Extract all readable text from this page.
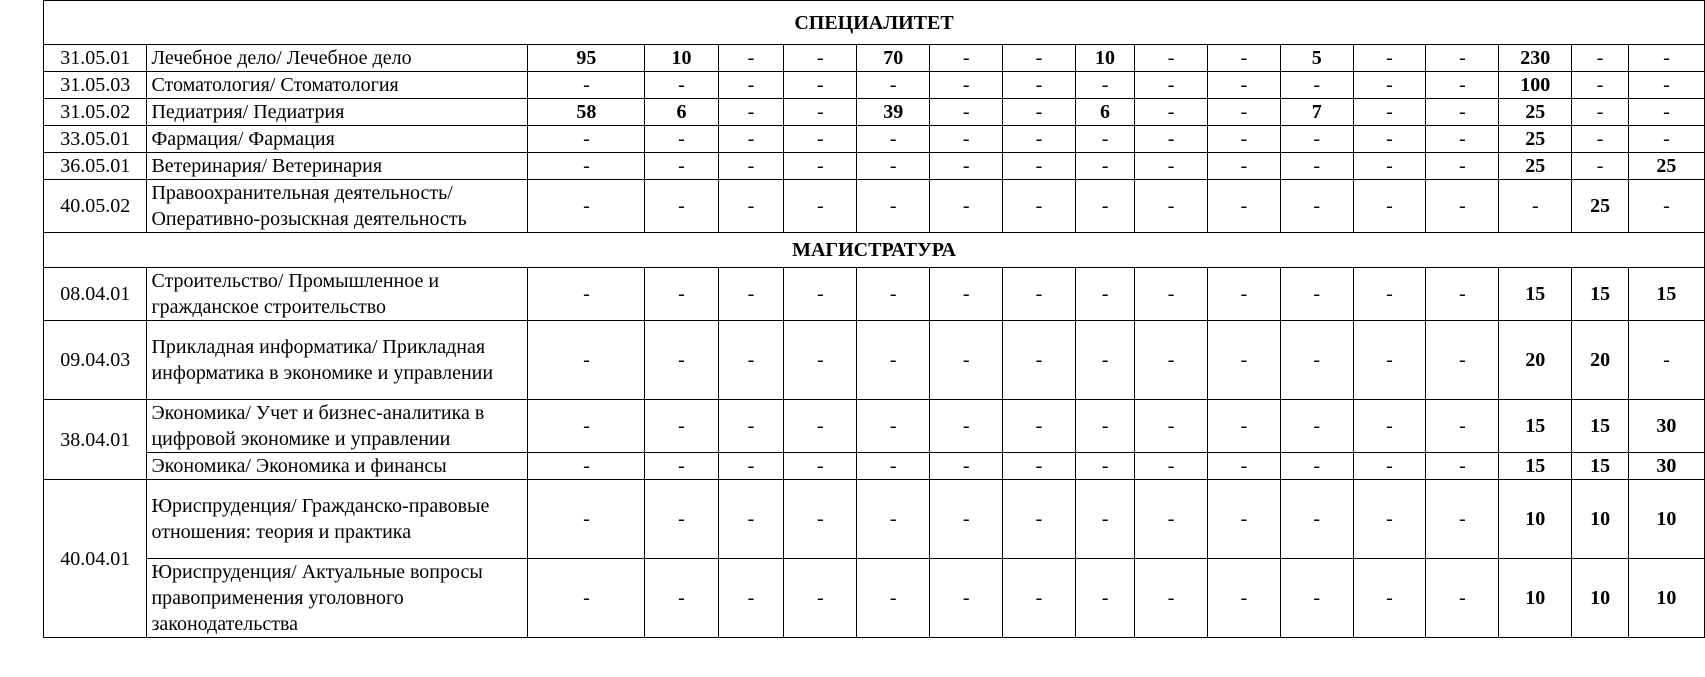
СПЕЦИАЛИТЕТ																	
31.05.01	Лечебное дело/ Лечебное дело	95	10	-	-	70	-	-	10	-	-	5	-	-	230	-	-
31.05.03	Стоматология/ Стоматология	-	-	-	-	-	-	-	-	-	-	-	-	-	100	-	-
31.05.02	Педиатрия/ Педиатрия	58	6	-	-	39	-	-	6	-	-	7	-	-	25	-	-
33.05.01	Фармация/ Фармация	-	-	-	-	-	-	-	-	-	-	-	-	-	25	-	-
36.05.01	Ветеринария/ Ветеринария	-	-	-	-	-	-	-	-	-	-	-	-	-	25	-	25
40.05.02	Правоохранительная деятельность/ Оперативно-розыскная деятельность	-	-	-	-	-	-	-	-	-	-	-	-	-	-	25	-
МАГИСТРАТУРА																	
08.04.01	Строительство/ Промышленное и гражданское строительство	-	-	-	-	-	-	-	-	-	-	-	-	-	15	15	15
09.04.03	Прикладная информатика/ Прикладная информатика в экономике и управлении	-	-	-	-	-	-	-	-	-	-	-	-	-	20	20	-
38.04.01	Экономика/ Учет и бизнес-аналитика в цифровой экономике и управлении	-	-	-	-	-	-	-	-	-	-	-	-	-	15	15	30
	Экономика/ Экономика и финансы	-	-	-	-	-	-	-	-	-	-	-	-	-	15	15	30
40.04.01	Юриспруденция/ Гражданско-правовые отношения: теория и практика	-	-	-	-	-	-	-	-	-	-	-	-	-	10	10	10
	Юриспруденция/ Актуальные вопросы правоприменения уголовного законодательства	-	-	-	-	-	-	-	-	-	-	-	-	-	10	10	10
